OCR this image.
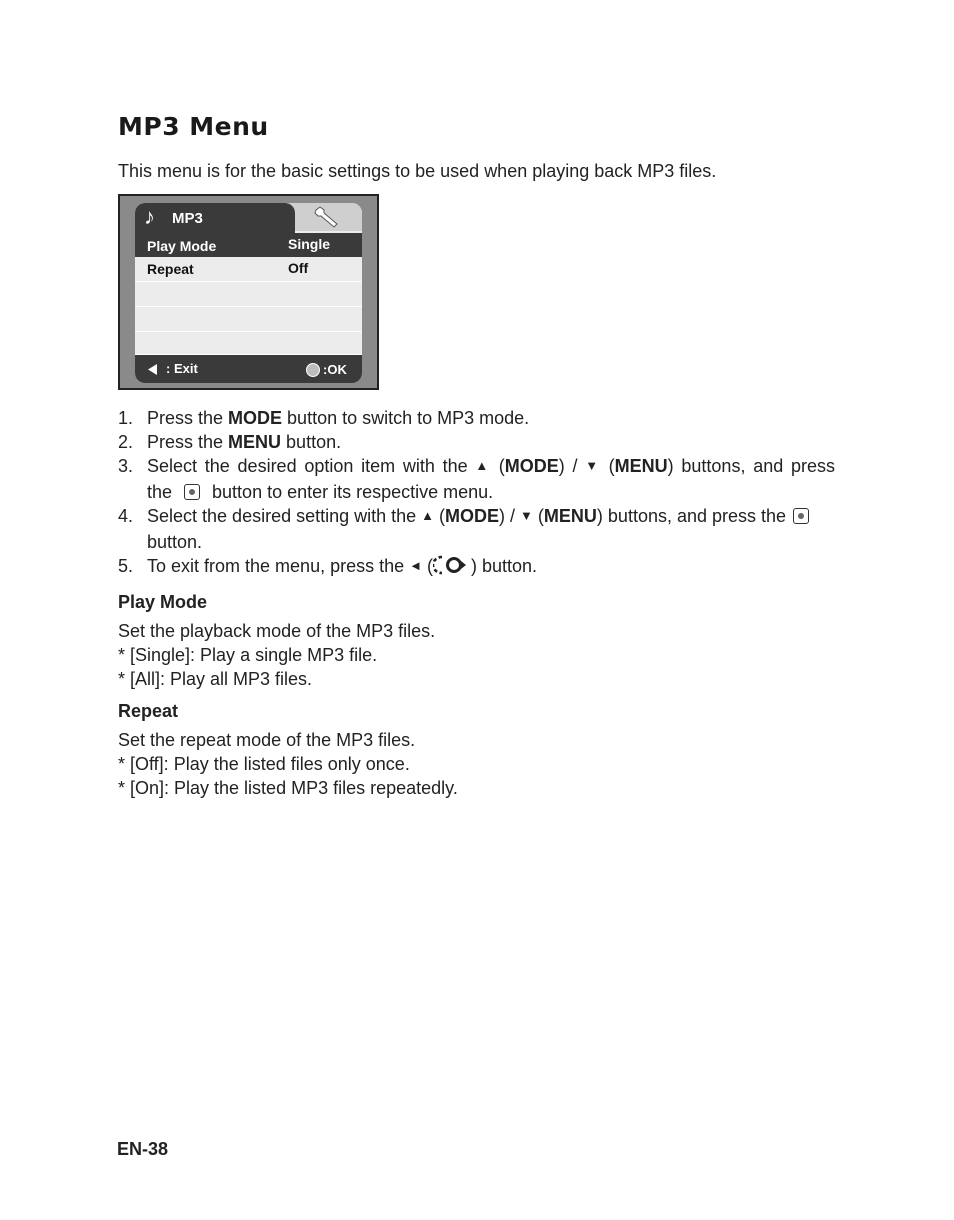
MP3 Menu

This menu is for the basic settings to be used when playing back MP3 files.

♪ MP3
Play Mode	Single
Repeat	Off
: Exit	:OK
1. Press the MODE button to switch to MP3 mode.
2. Press the MENU button.
3. Select the desired option item with the ▲ (MODE) / ▼ (MENU) buttons, and press
the button to enter its respective menu.
4. Select the desired setting with the ▲ (MODE) / ▼ (MENU) buttons, and press the
button.
5. To exit from the menu, press the ◄ ( ) button.
Play Mode

Set the playback mode of the MP3 files.

* [Single]: Play a single MP3 file.

* [All]: Play all MP3 files.

Repeat

Set the repeat mode of the MP3 files.

* [Off]: Play the listed files only once.

* [On]: Play the listed MP3 files repeatedly.

EN-38
